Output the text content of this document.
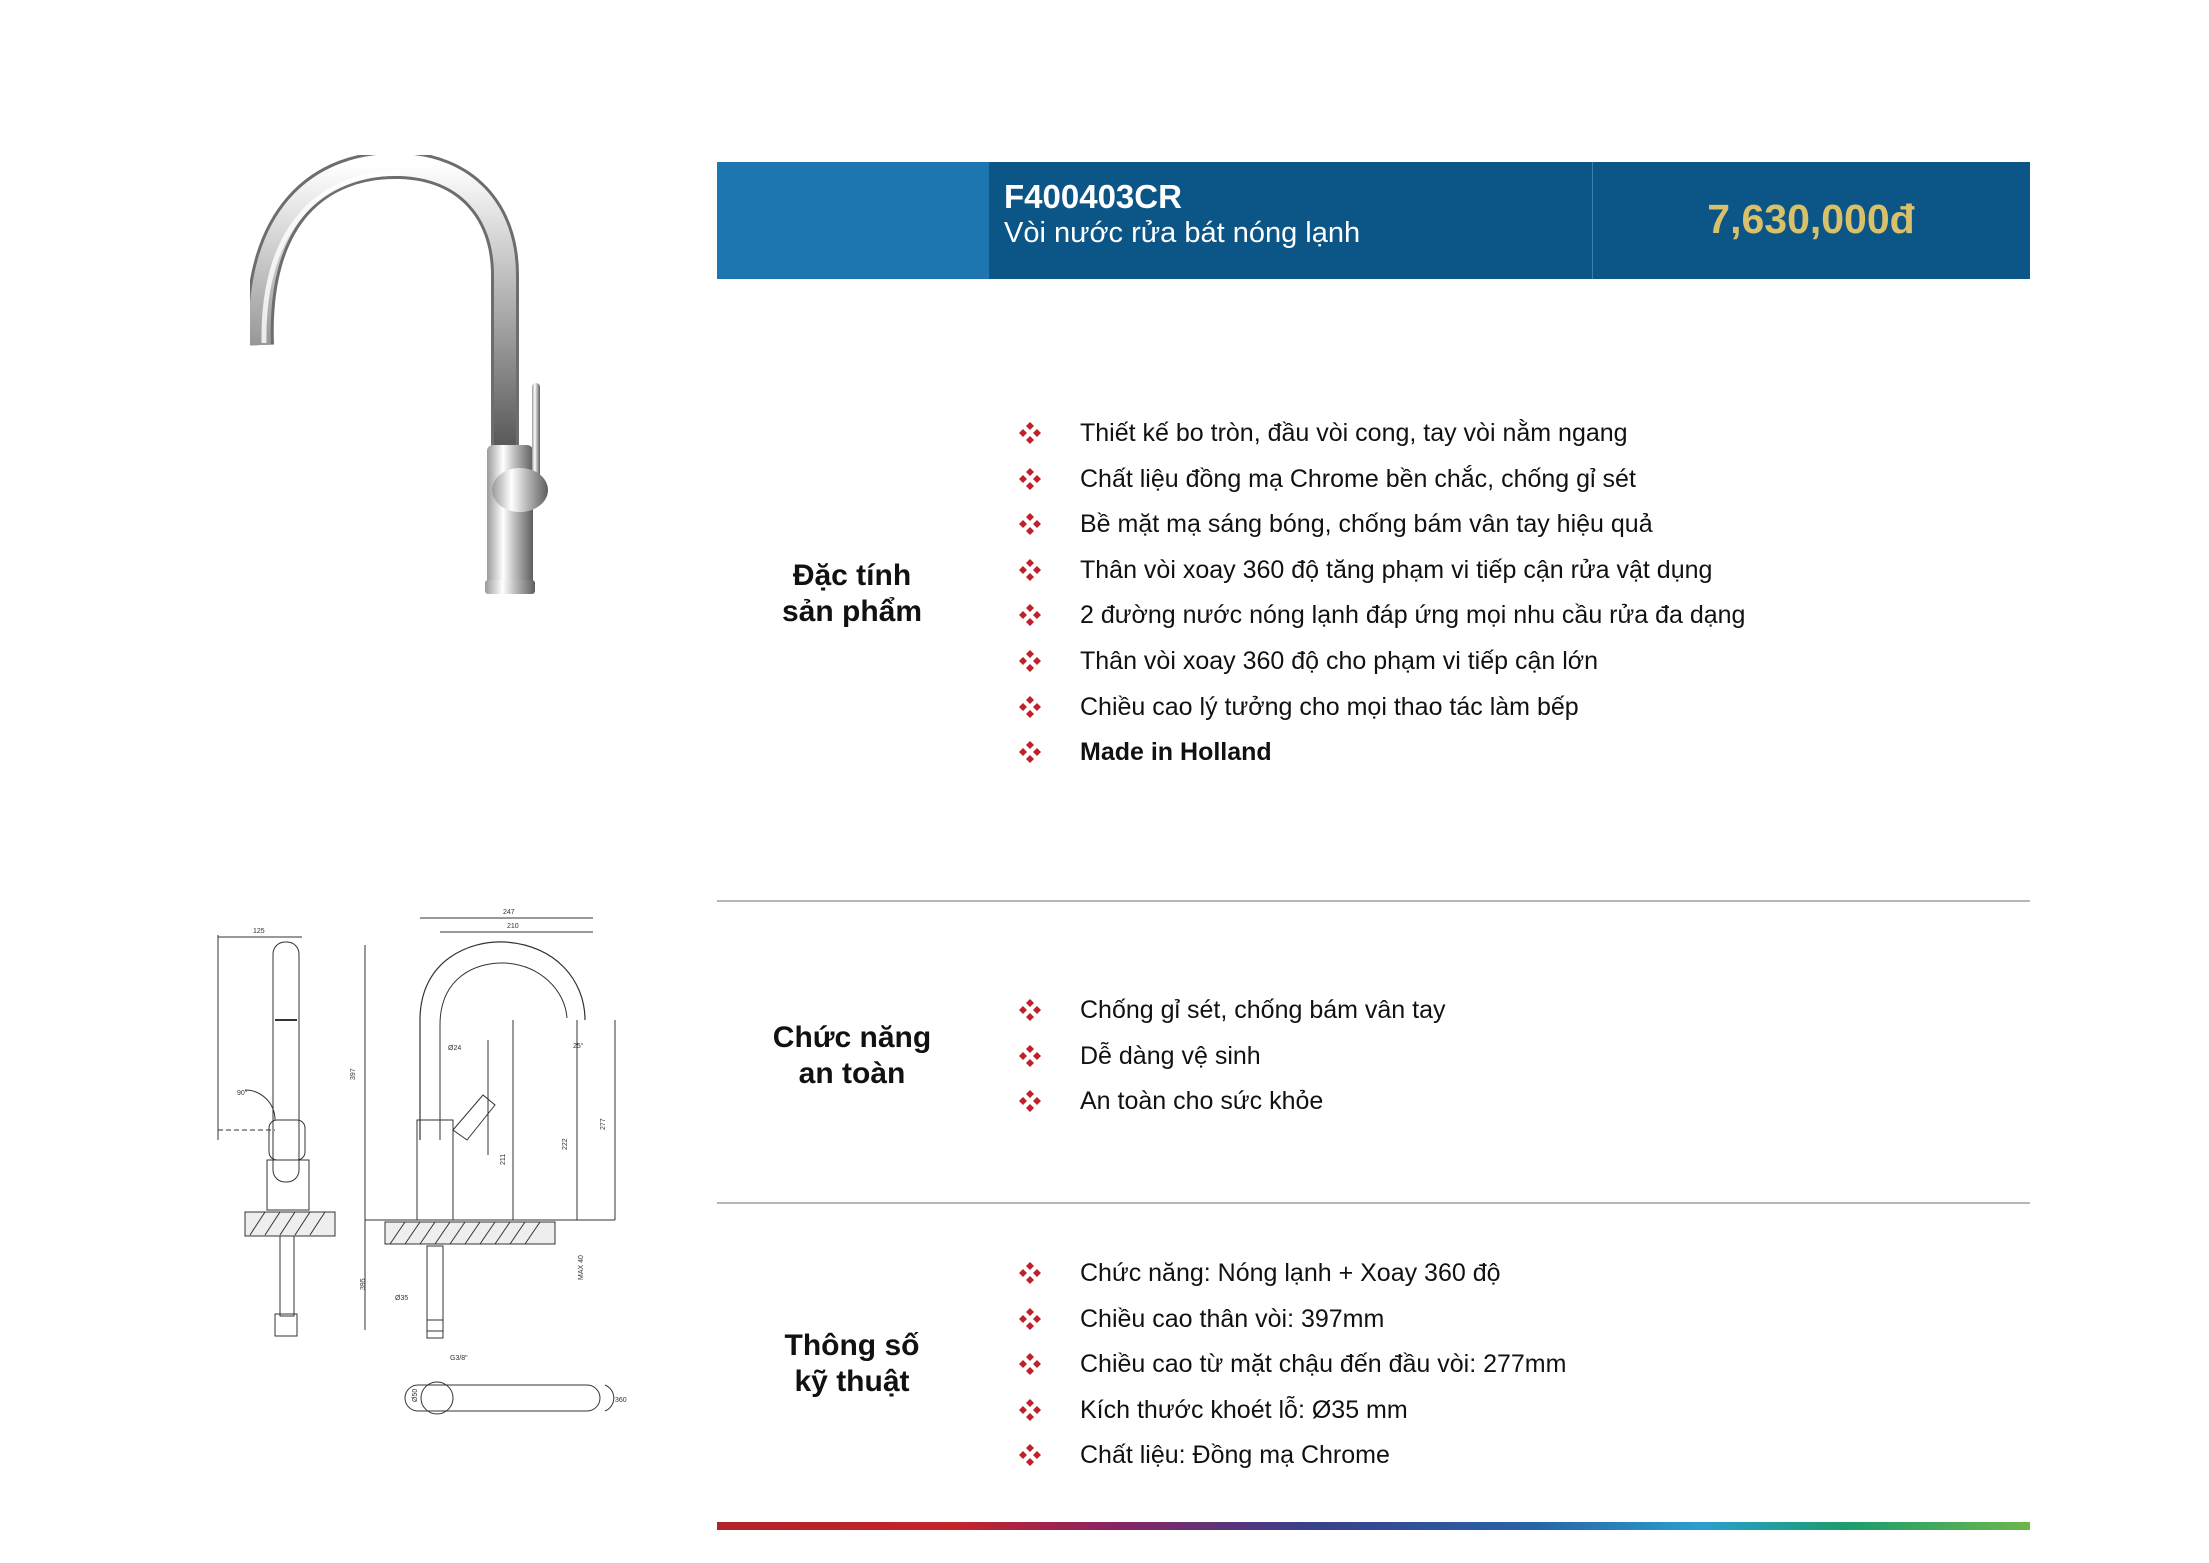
125
90°
397
247
210
Ø24	25°
211
222
277
MAX 40
395
Ø35
G3/8"
Ø50	360
F400403CR
Vòi nước rửa bát nóng lạnh	7,630,000đ
Đặc tính
sản phẩm
Thiết kế bo tròn, đầu vòi cong, tay vòi nằm ngang
Chất liệu đồng mạ Chrome bền chắc, chống gỉ sét
Bề mặt mạ sáng bóng, chống bám vân tay hiệu quả
Thân vòi xoay 360 độ tăng phạm vi tiếp cận rửa vật dụng
2 đường nước nóng lạnh đáp ứng mọi nhu cầu rửa đa dạng
Thân vòi xoay 360 độ cho phạm vi tiếp cận lớn
Chiều cao lý tưởng cho mọi thao tác làm bếp
Made in Holland
Chức năng
an toàn
Chống gỉ sét, chống bám vân tay
Dễ dàng vệ sinh
An toàn cho sức khỏe
Thông số
kỹ thuật
Chức năng: Nóng lạnh + Xoay 360 độ
Chiều cao thân vòi: 397mm
Chiều cao từ mặt chậu đến đầu vòi: 277mm
Kích thước khoét lỗ: Ø35 mm
Chất liệu: Đồng mạ Chrome
